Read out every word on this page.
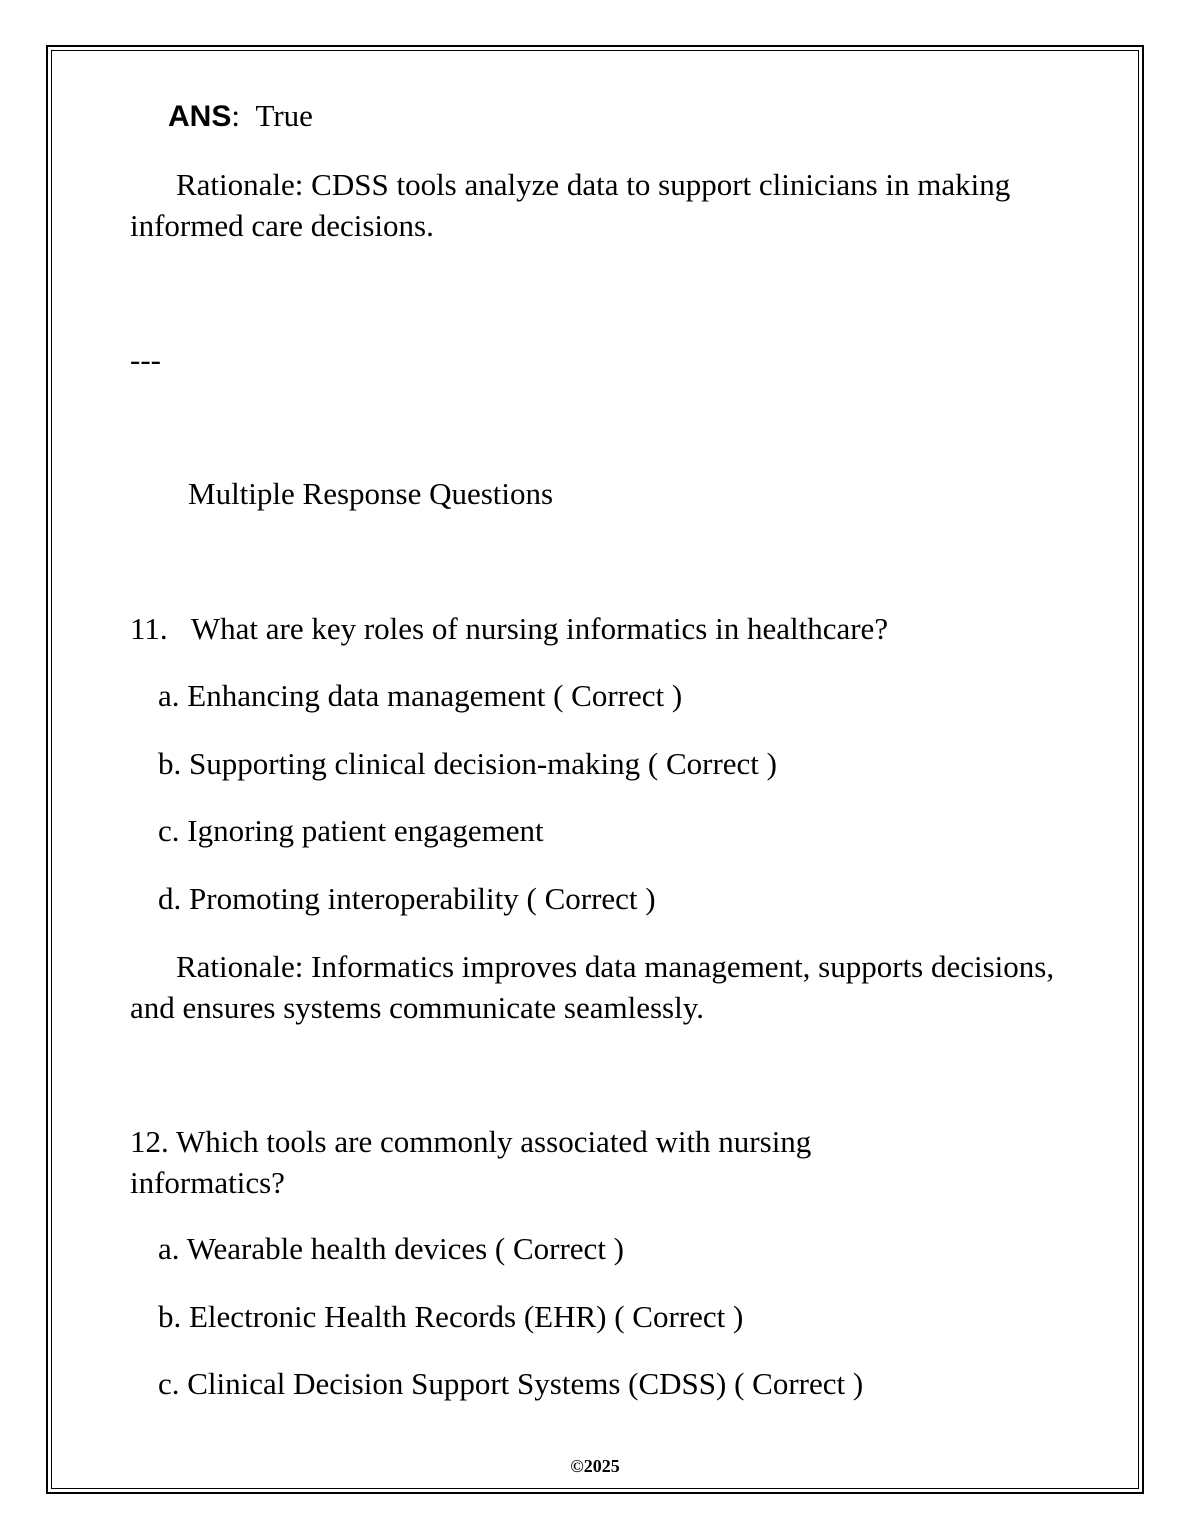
ANS: True
Rationale: CDSS tools analyze data to support clinicians in making informed care decisions.
---
Multiple Response Questions
11. What are key roles of nursing informatics in healthcare?
a. Enhancing data management ( Correct )
b. Supporting clinical decision-making ( Correct )
c. Ignoring patient engagement
d. Promoting interoperability ( Correct )
Rationale: Informatics improves data management, supports decisions, and ensures systems communicate seamlessly.
12. Which tools are commonly associated with nursing informatics?
a. Wearable health devices ( Correct )
b. Electronic Health Records (EHR) ( Correct )
c. Clinical Decision Support Systems (CDSS) ( Correct )
©2025
